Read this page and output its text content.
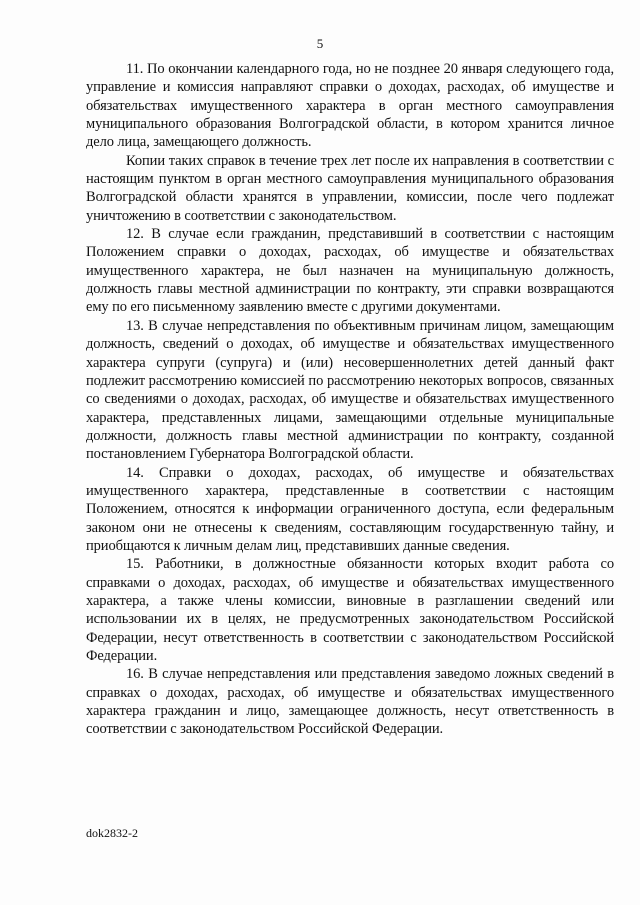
5

11. По окончании календарного года, но не позднее 20 января следующего года, управление и комиссия направляют справки о доходах, расходах, об имуществе и обязательствах имущественного характера в орган местного самоуправления муниципального образования Волгоградской области, в котором хранится личное дело лица, замещающего должность.

Копии таких справок в течение трех лет после их направления в соответствии с настоящим пунктом в орган местного самоуправления муниципального образования Волгоградской области хранятся в управлении, комиссии, после чего подлежат уничтожению в соответствии с законодательством.

12. В случае если гражданин, представивший в соответствии с настоящим Положением справки о доходах, расходах, об имуществе и обязательствах имущественного характера, не был назначен на муниципальную должность, должность главы местной администрации по контракту, эти справки возвращаются ему по его письменному заявлению вместе с другими документами.

13. В случае непредставления по объективным причинам лицом, замещающим должность, сведений о доходах, об имуществе и обязательствах имущественного характера супруги (супруга) и (или) несовершеннолетних детей данный факт подлежит рассмотрению комиссией по рассмотрению некоторых вопросов, связанных со сведениями о доходах, расходах, об имуществе и обязательствах имущественного характера, представленных лицами, замещающими отдельные муниципальные должности, должность главы местной администрации по контракту, созданной постановлением Губернатора Волгоградской области.

14. Справки о доходах, расходах, об имуществе и обязательствах имущественного характера, представленные в соответствии с настоящим Положением, относятся к информации ограниченного доступа, если федеральным законом они не отнесены к сведениям, составляющим государственную тайну, и приобщаются к личным делам лиц, представивших данные сведения.

15. Работники, в должностные обязанности которых входит работа со справками о доходах, расходах, об имуществе и обязательствах имущественного характера, а также члены комиссии, виновные в разглашении сведений или использовании их в целях, не предусмотренных законодательством Российской Федерации, несут ответственность в соответствии с законодательством Российской Федерации.

16. В случае непредставления или представления заведомо ложных сведений в справках о доходах, расходах, об имуществе и обязательствах имущественного характера гражданин и лицо, замещающее должность, несут ответственность в соответствии с законодательством Российской Федерации.

dok2832-2
